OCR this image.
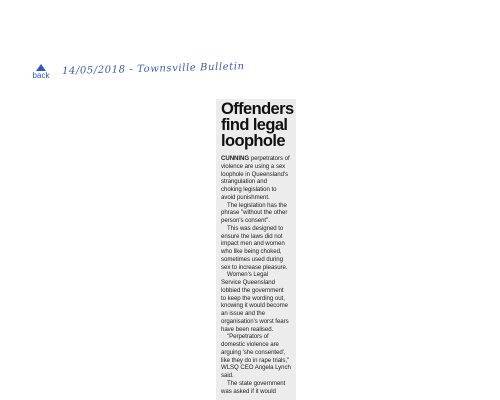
back 14/05/2018 - Townsville Bulletin
Offenders
find legal
loophole

CUNNING perpetrators of
violence are using a sex
loophole in Queensland's
strangulation and
choking legislation to
avoid punishment.

The legislation has the
phrase "without the other
person's consent".

This was designed to
ensure the laws did not
impact men and women
who like being choked,
sometimes used during
sex to increase pleasure.

Women's Legal
Service Queensland
lobbied the government
to keep the wording out,
knowing it would become
an issue and the
organisation's worst fears
have been realised.

"Perpetrators of
domestic violence are
arguing 'she consented',
like they do in rape trials,"
WLSQ CEO Angela Lynch
said.

The state government
was asked if it would
